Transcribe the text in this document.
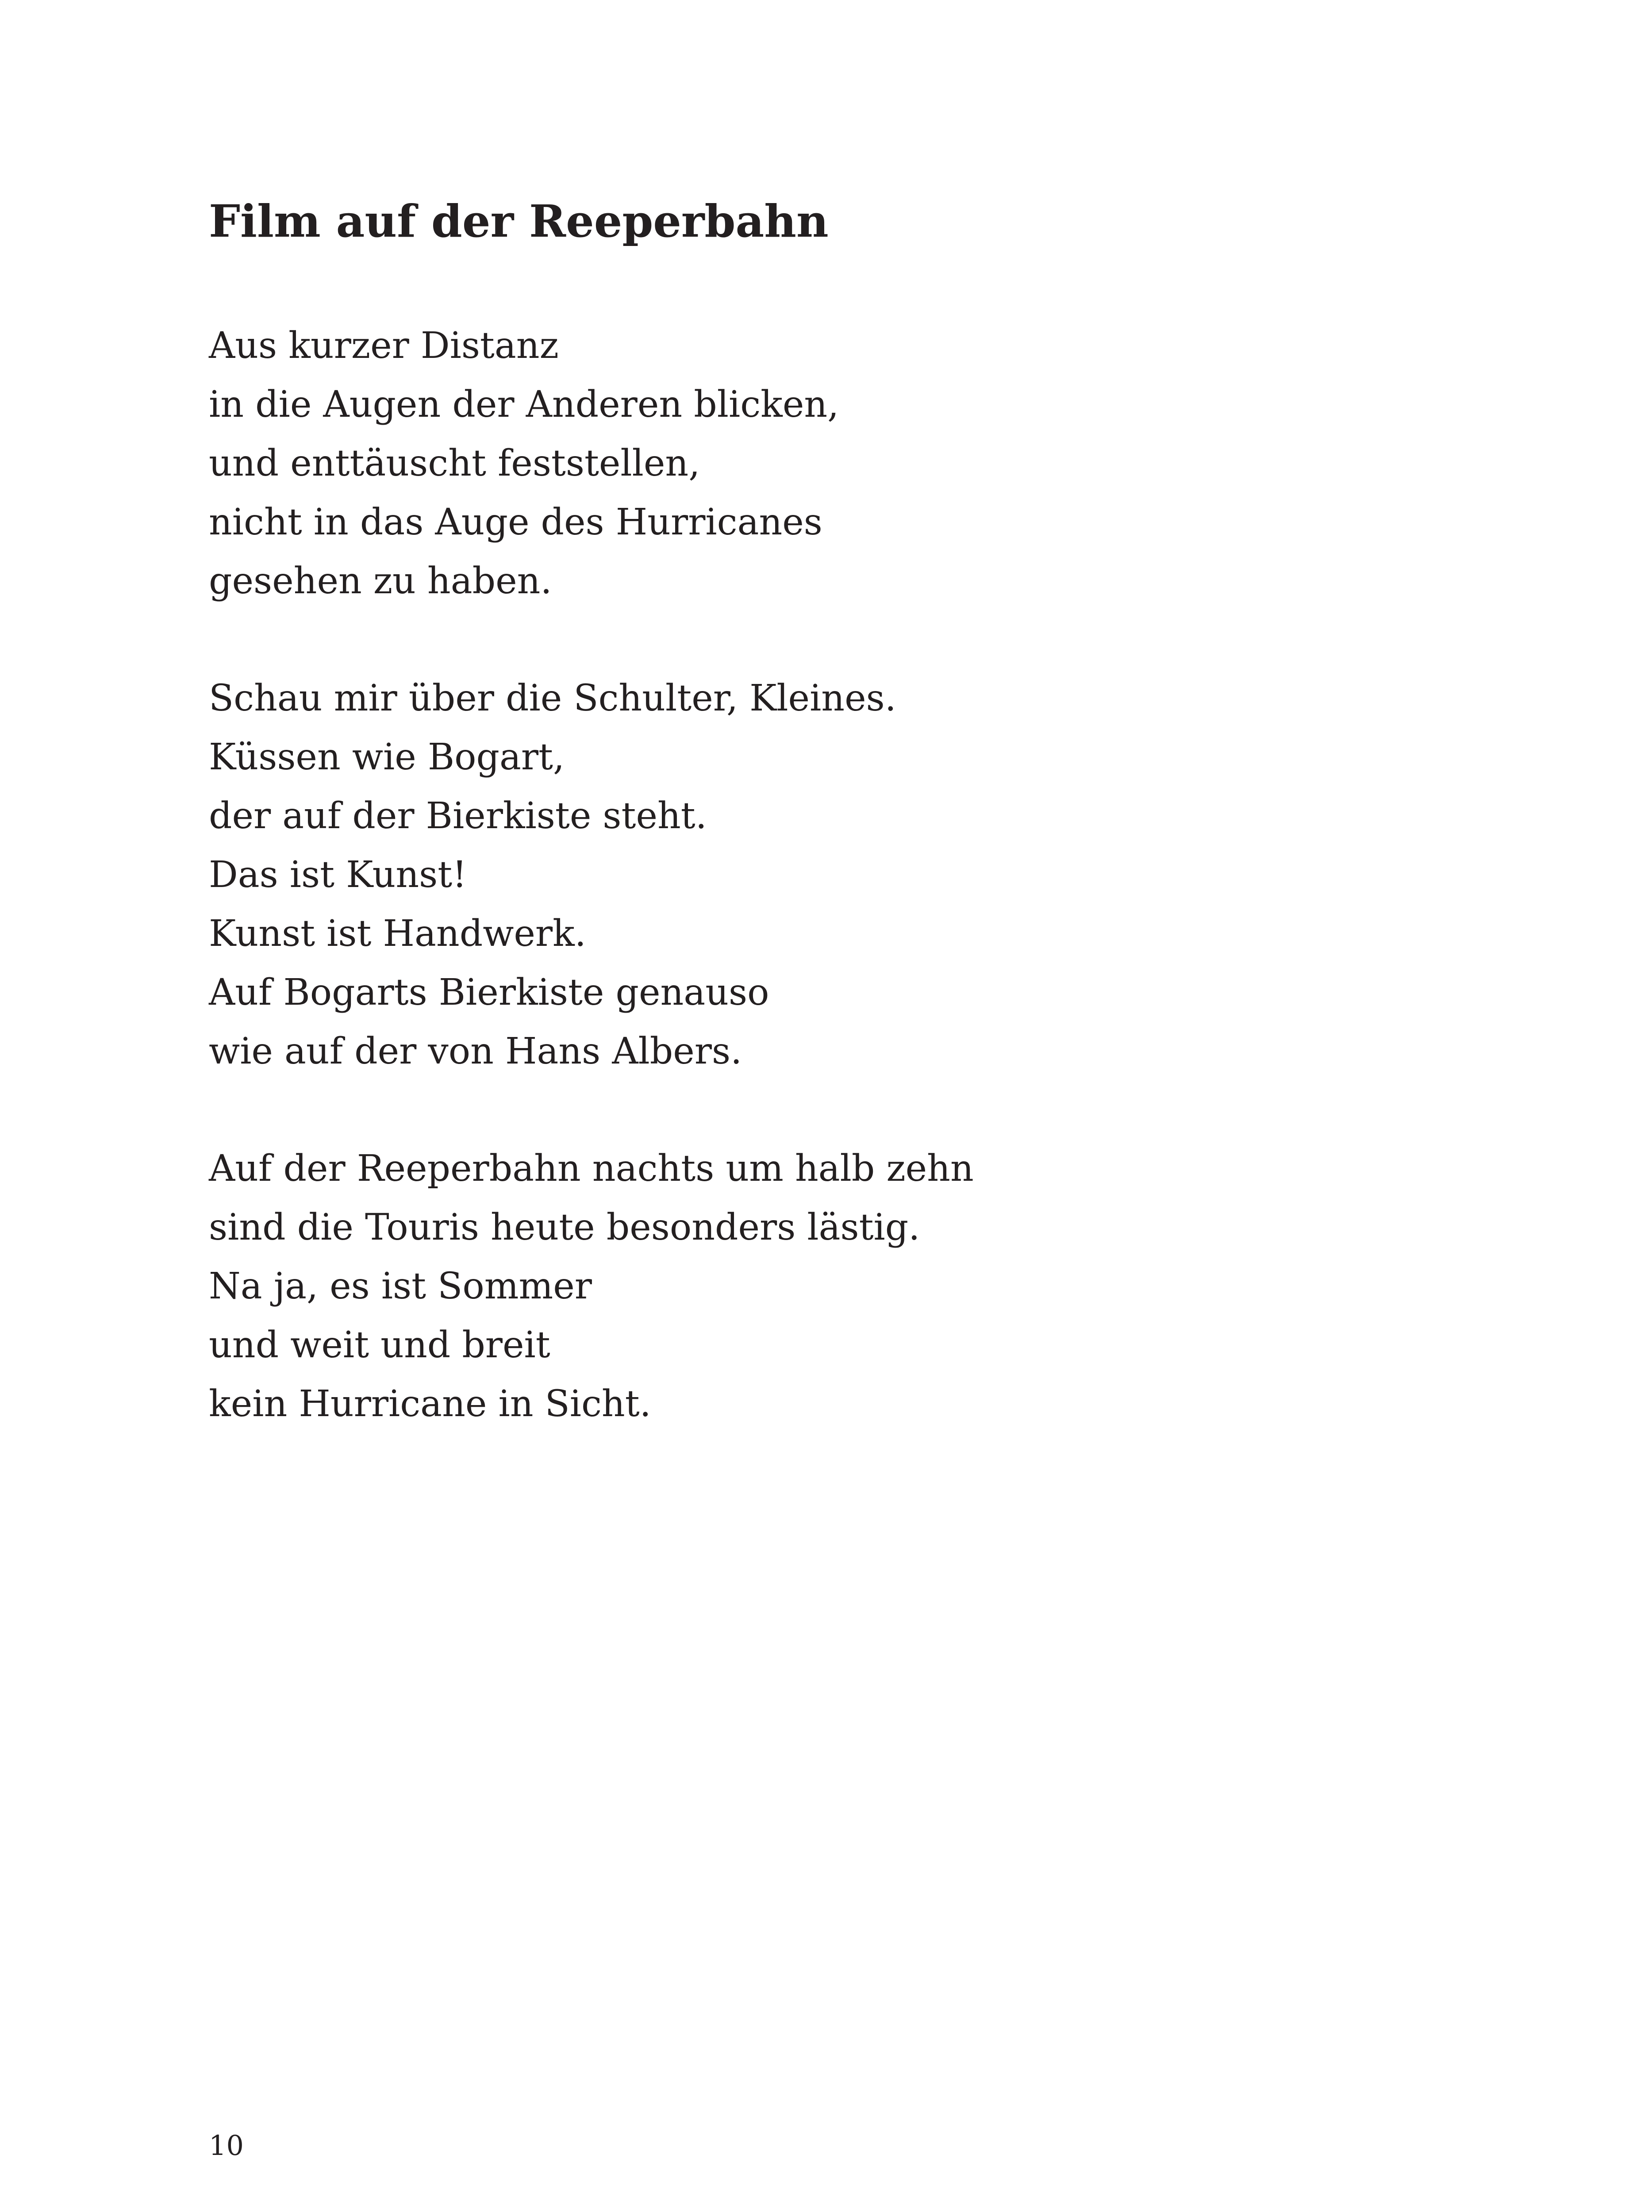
Film auf der Reeperbahn
Aus kurzer Distanz
in die Augen der Anderen blicken,
und enttäuscht feststellen,
nicht in das Auge des Hurricanes
gesehen zu haben.
Schau mir über die Schulter, Kleines.
Küssen wie Bogart,
der auf der Bierkiste steht.
Das ist Kunst!
Kunst ist Handwerk.
Auf Bogarts Bierkiste genauso
wie auf der von Hans Albers.
Auf der Reeperbahn nachts um halb zehn
sind die Touris heute besonders lästig.
Na ja, es ist Sommer
und weit und breit
kein Hurricane in Sicht.
10
